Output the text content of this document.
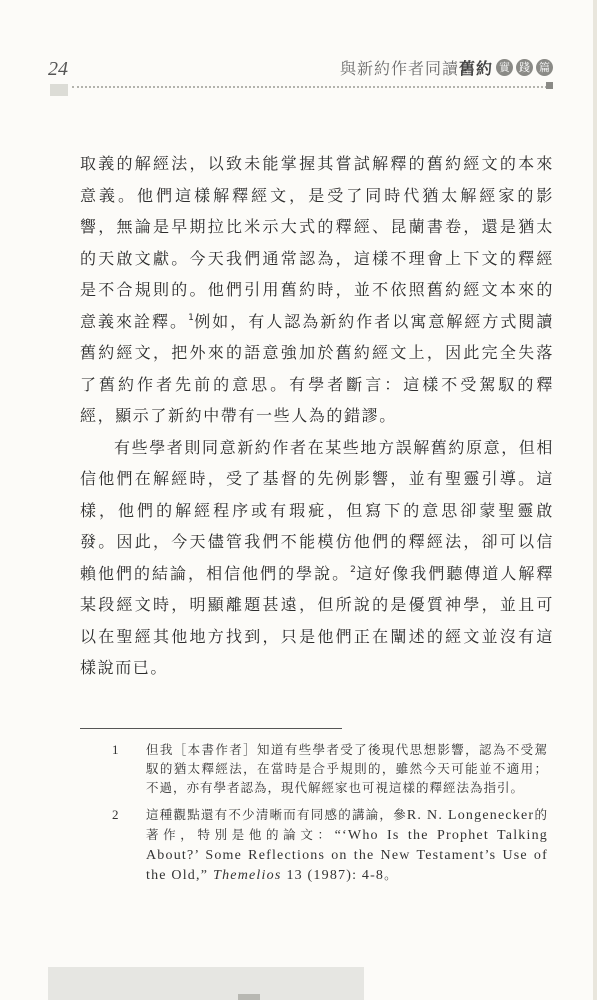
24	與新約作者同讀舊約 實 踐 篇

取義的解經法，以致未能掌握其嘗試解釋的舊約經文的本來意義。他們這樣解釋經文，是受了同時代猶太解經家的影響，無論是早期拉比米示大式的釋經、昆蘭書卷，還是猶太的天啟文獻。今天我們通常認為，這樣不理會上下文的釋經是不合規則的。他們引用舊約時，並不依照舊約經文本來的意義來詮釋。$^1$例如，有人認為新約作者以寓意解經方式閱讀舊約經文，把外來的語意強加於舊約經文上，因此完全失落了舊約作者先前的意思。有學者斷言：這樣不受駕馭的釋經，顯示了新約中帶有一些人為的錯謬。

有些學者則同意新約作者在某些地方誤解舊約原意，但相信他們在解經時，受了基督的先例影響，並有聖靈引導。這樣，他們的解經程序或有瑕疵，但寫下的意思卻蒙聖靈啟發。因此，今天儘管我們不能模仿他們的釋經法，卻可以信賴他們的結論，相信他們的學說。$^2$這好像我們聽傳道人解釋某段經文時，明顯離題甚遠，但所說的是優質神學，並且可以在聖經其他地方找到，只是他們正在闡述的經文並沒有這樣說而已。

1 但我［本書作者］知道有些學者受了後現代思想影響，認為不受駕馭的猶太釋經法，在當時是合乎規則的，雖然今天可能並不適用；不過，亦有學者認為，現代解經家也可視這樣的釋經法為指引。
2 這種觀點還有不少清晰而有同感的講論，參R. N. Longenecker的著作，特別是他的論文：“‘Who Is the Prophet Talking About?’ Some Reflections on the New Testament’s Use of the Old,” Themelios 13 (1987): 4-8。
